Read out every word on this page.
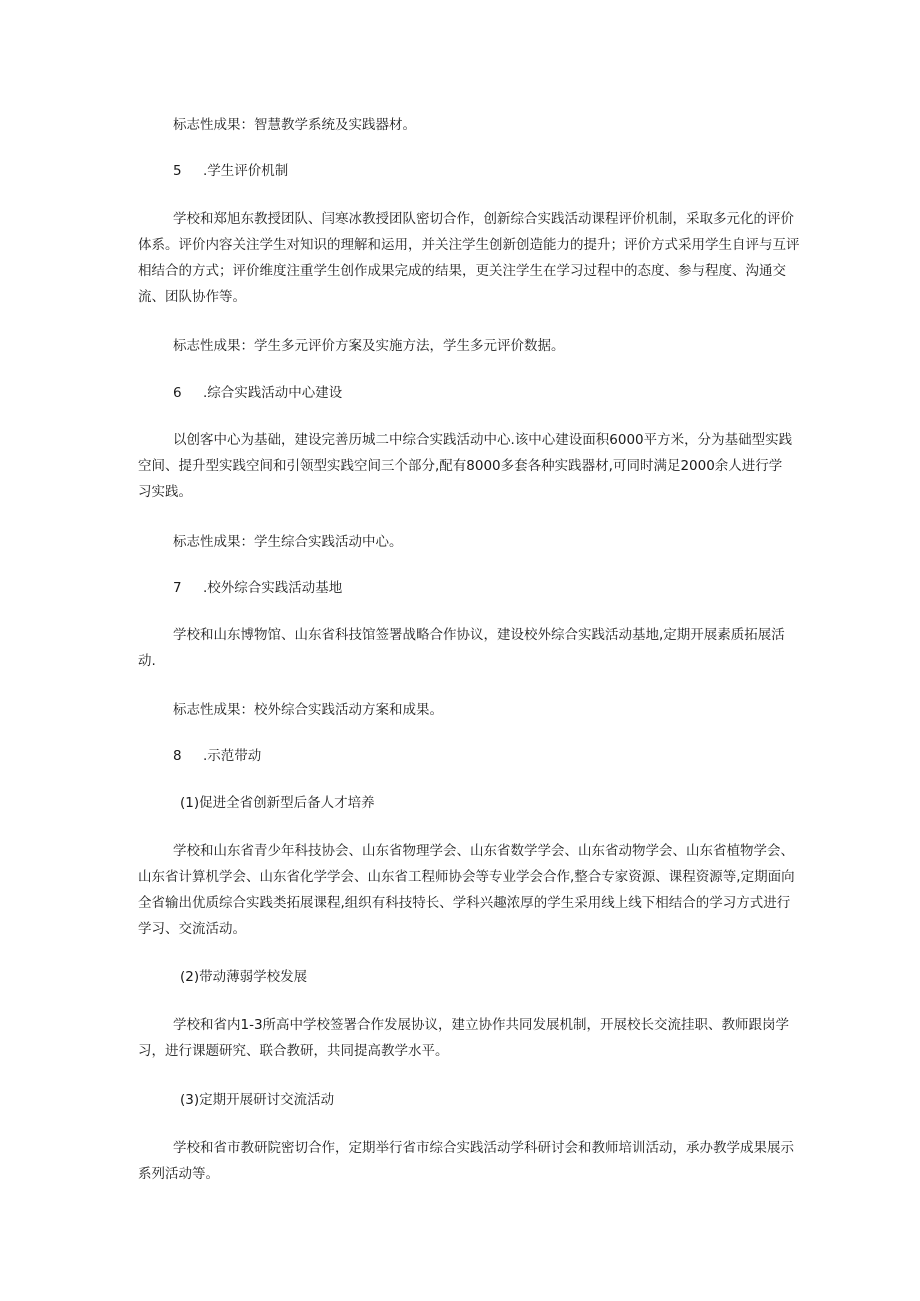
标志性成果：智慧教学系统及实践器材。

5 .学生评价机制

学校和郑旭东教授团队、闫寒冰教授团队密切合作，创新综合实践活动课程评价机制，采取多元化的评价
体系。评价内容关注学生对知识的理解和运用，并关注学生创新创造能力的提升；评价方式采用学生自评与互评
相结合的方式；评价维度注重学生创作成果完成的结果，更关注学生在学习过程中的态度、参与程度、沟通交
流、团队协作等。

标志性成果：学生多元评价方案及实施方法，学生多元评价数据。

6 .综合实践活动中心建设

以创客中心为基础，建设完善历城二中综合实践活动中心.该中心建设面积6000平方米，分为基础型实践
空间、提升型实践空间和引领型实践空间三个部分,配有8000多套各种实践器材,可同时满足2000余人进行学
习实践。

标志性成果：学生综合实践活动中心。

7 .校外综合实践活动基地

学校和山东博物馆、山东省科技馆签署战略合作协议，建设校外综合实践活动基地,定期开展素质拓展活
动.

标志性成果：校外综合实践活动方案和成果。

8 .示范带动

(1)促进全省创新型后备人才培养

学校和山东省青少年科技协会、山东省物理学会、山东省数学学会、山东省动物学会、山东省植物学会、
山东省计算机学会、山东省化学学会、山东省工程师协会等专业学会合作,整合专家资源、课程资源等,定期面向
全省输出优质综合实践类拓展课程,组织有科技特长、学科兴趣浓厚的学生采用线上线下相结合的学习方式进行
学习、交流活动。

(2)带动薄弱学校发展

学校和省内1-3所高中学校签署合作发展协议，建立协作共同发展机制，开展校长交流挂职、教师跟岗学
习，进行课题研究、联合教研，共同提高教学水平。

(3)定期开展研讨交流活动

学校和省市教研院密切合作，定期举行省市综合实践活动学科研讨会和教师培训活动，承办教学成果展示
系列活动等。
